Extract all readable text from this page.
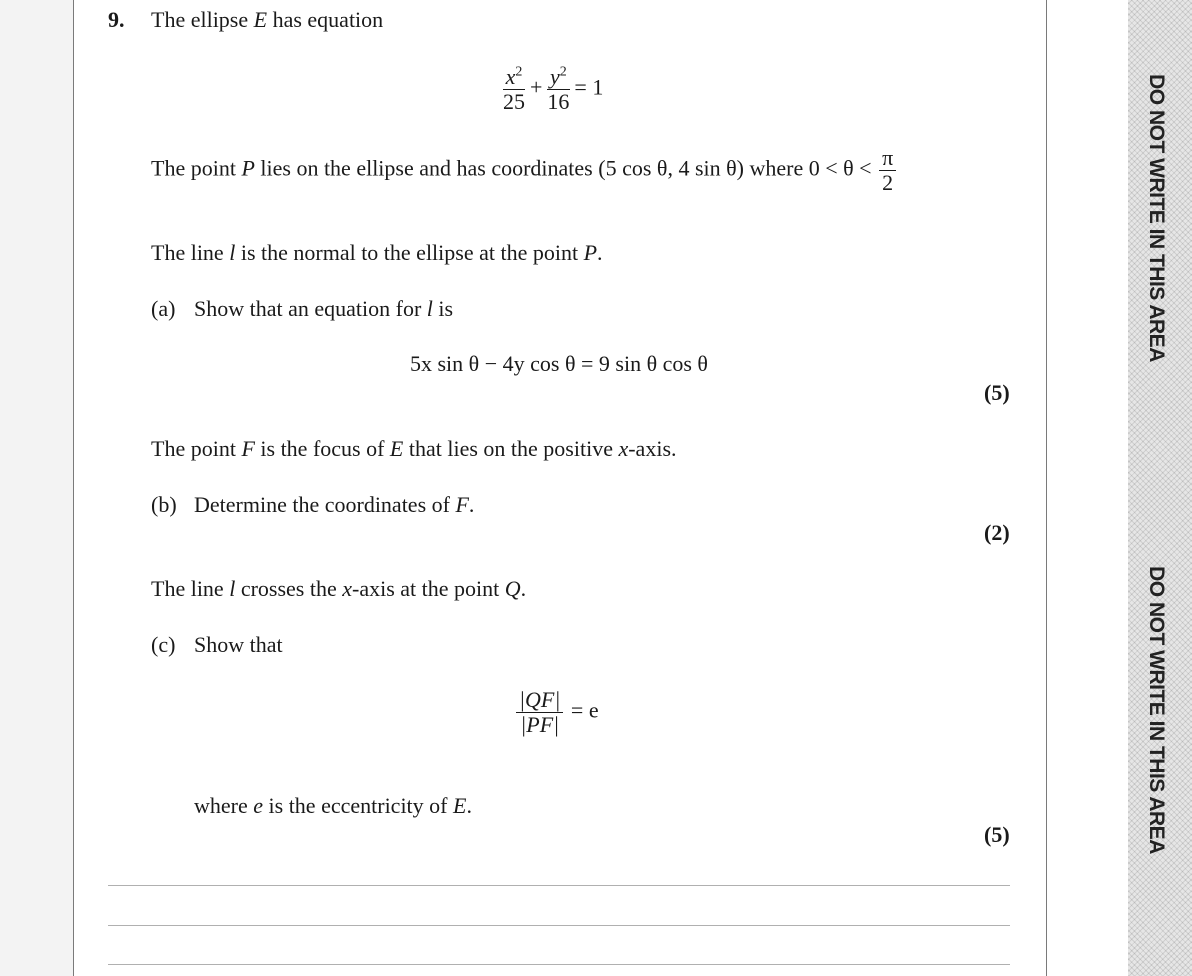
DO NOT WRITE IN THIS AREA
DO NOT WRITE IN THIS AREA
9. The ellipse E has equation
$\frac{x^2}{25} + \frac{y^2}{16} = 1$
The point P lies on the ellipse and has coordinates (5 cos θ, 4 sin θ) where $0 < \theta < \frac{\pi}{2}$
The line l is the normal to the ellipse at the point P.
(a) Show that an equation for l is
5x sin θ − 4y cos θ = 9 sin θ cos θ
(5)
The point F is the focus of E that lies on the positive x-axis.
(b) Determine the coordinates of F.
(2)
The line l crosses the x-axis at the point Q.
(c) Show that
$\frac{|QF|}{|PF|} = e$
where e is the eccentricity of E.
(5)
